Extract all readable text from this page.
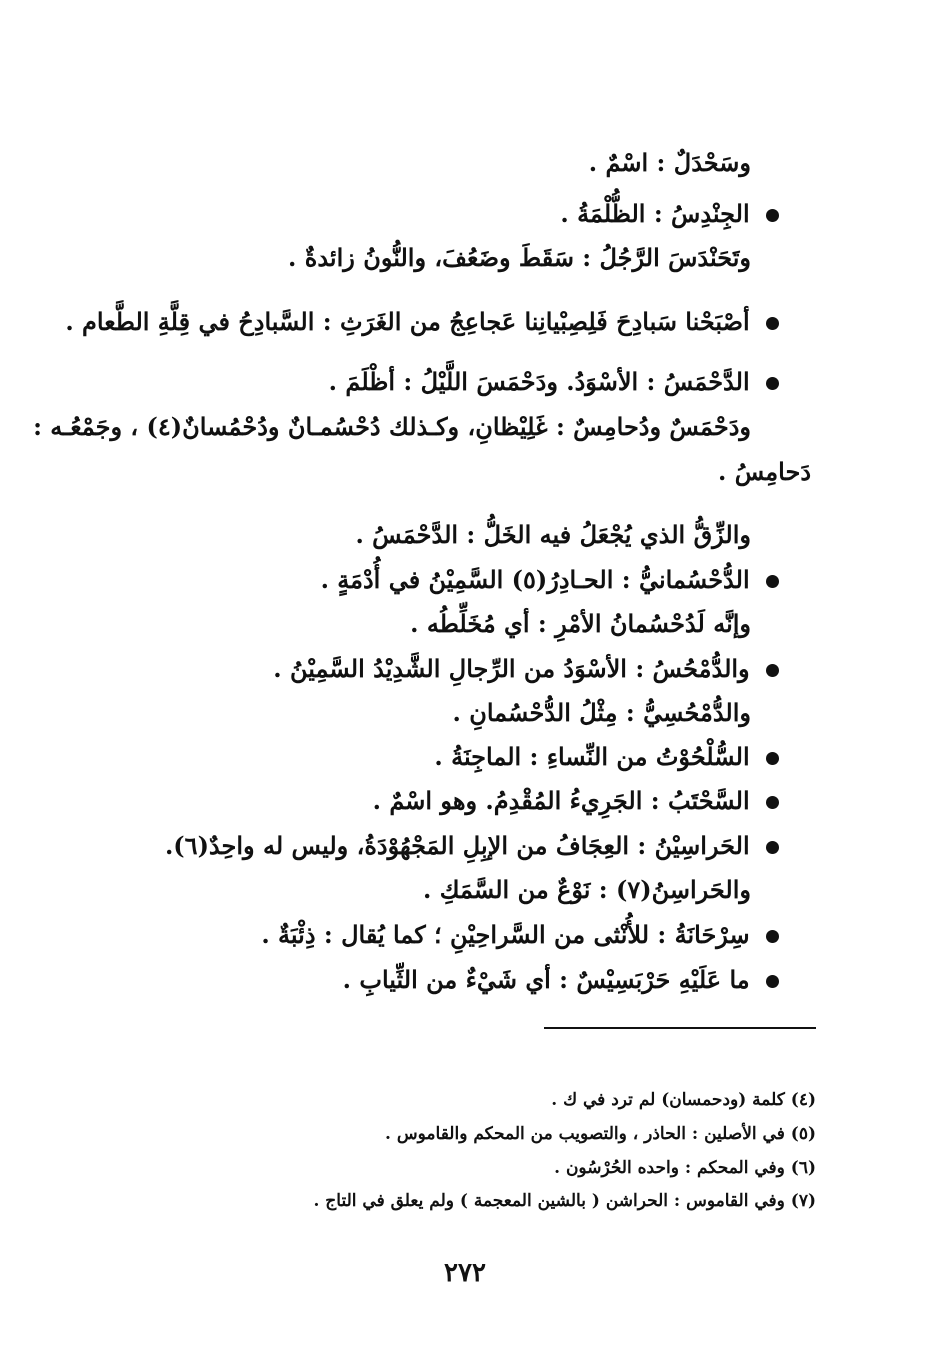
وسَحْدَلٌ : اسْمٌ .
الجِنْدِسُ : الظُّلْمَةُ .
وتَحَنْدَسَ الرَّجُلُ : سَقَطَ وضَعُفَ، والنُّونُ زائدةٌ .
أصْبَحْنا سَبادِحَ فَلِصِبْيانِنا عَجاعِجُ من الغَرَثِ : السَّبادِحُ في قِلَّةِ الطَّعام .
الدَّحْمَسُ : الأسْوَدُ. ودَحْمَسَ اللَّيْلُ : أظْلَمَ .
ودَحْمَسٌ ودُحامِسٌ : غَلِيْظانِ، وكـذلك دُحْسُمـانٌ ودُحْمُسانٌ(٤) ، وجَمْعُـه :
دَحامِسُ .
والزِّقُّ الذي يُجْعَلُ فيه الخَلُّ : الدَّحْمَسُ .
الدُّحْسُمانيُّ : الحـادِرُ(٥) السَّمِيْنُ في أُدْمَةٍ .
وإنَّه لَدُحْسُمانُ الأمْرِ : أي مُخَلِّطُه .
والدُّمْحُسُ : الأسْوَدُ من الرِّجالِ الشَّدِيْدُ السَّمِيْنُ .
والدُّمْحُسِيُّ : مِثْلُ الدُّحْسُمانِ .
السُّلْحُوْتُ من النِّساءِ : الماجِنَةُ .
السَّحْتَبُ : الجَرِيءُ المُقْدِمُ. وهو اسْمٌ .
الحَراسِيْنُ : العِجَافُ من الإبِلِ المَجْهُوْدَةُ، وليس له واحِدٌ(٦).
والحَراسِنُ(٧) : نَوْعٌ من السَّمَكِ .
سِرْحَانَةُ : للأُنْثى من السَّراحِيْنِ ؛ كما يُقال : ذِئْبَةٌ .
ما عَلَيْهِ حَرْبَسِيْسٌ : أي شَيْءٌ من الثِّيابِ .
(٤) كلمة (ودحمسان) لم ترد في ك .
(٥) في الأصلين : الحاذر ، والتصويب من المحكم والقاموس .
(٦) وفي المحكم : واحده الحُرْسُون .
(٧) وفي القاموس : الحراشن ( بالشين المعجمة ) ولم يعلق في التاج .
٢٧٢
